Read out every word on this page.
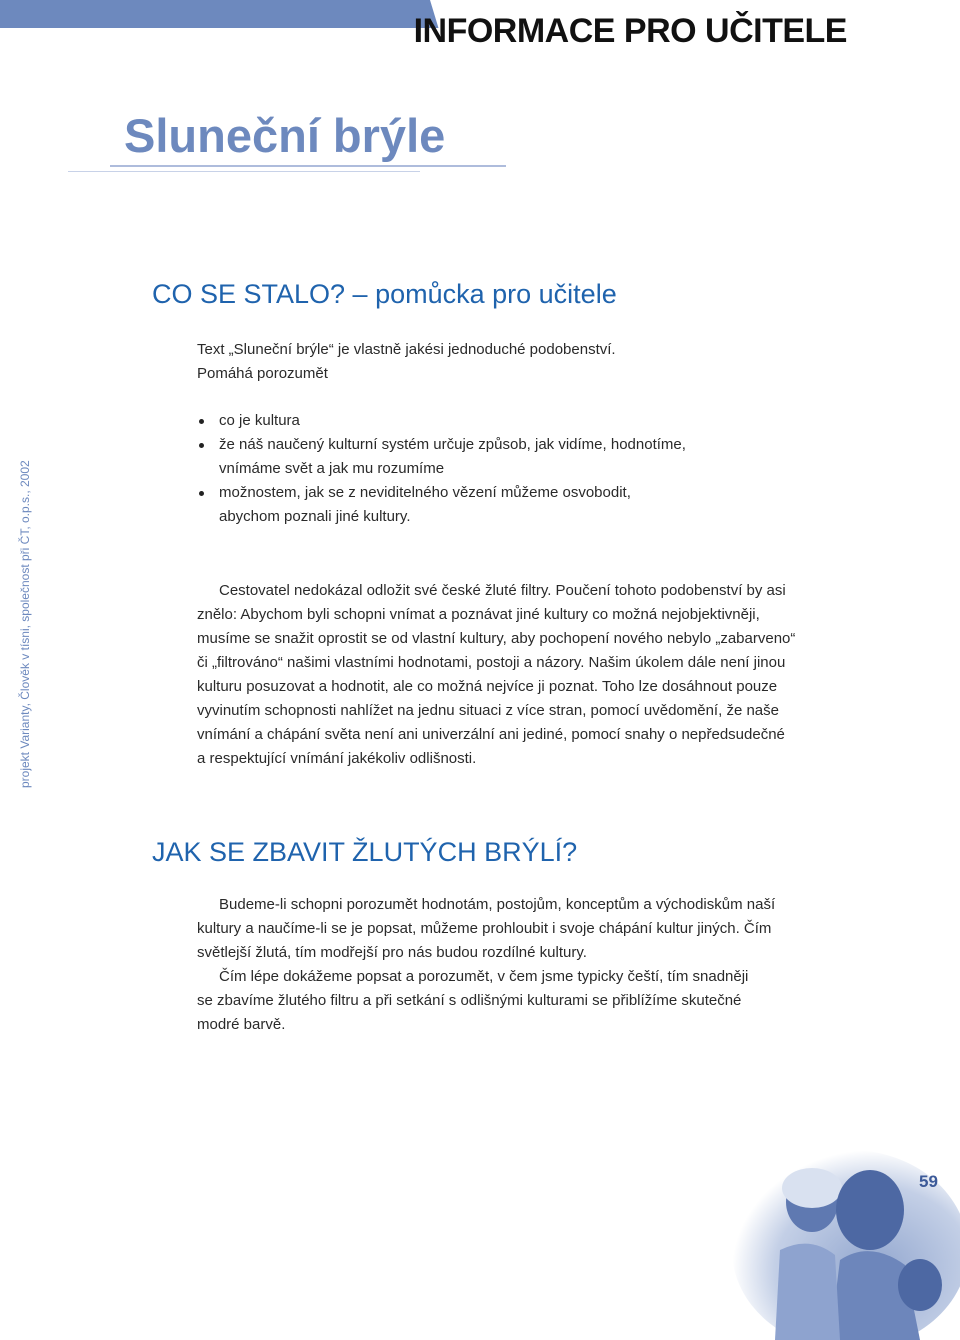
INFORMACE PRO UČITELE
Sluneční brýle
projekt Varianty, Člověk v tísni, společnost při ČT, o.p.s., 2002
CO SE STALO? – pomůcka pro učitele
Text „Sluneční brýle“ je vlastně jakési jednoduché podobenství.
Pomáhá porozumět
co je kultura
že náš naučený kulturní systém určuje způsob, jak vidíme, hodnotíme, vnímáme svět a jak mu rozumíme
možnostem, jak se z neviditelného vězení můžeme osvobodit, abychom poznali jiné kultury.
Cestovatel nedokázal odložit své české žluté filtry. Poučení tohoto podobenství by asi znělo: Abychom byli schopni vnímat a poznávat jiné kultury co možná nejobjektivněji, musíme se snažit oprostit se od vlastní kultury, aby pochopení nového nebylo „zabarveno“ či „filtrováno“ našimi vlastními hodnotami, postoji a názory. Našim úkolem dále není jinou kulturu posuzovat a hodnotit, ale co možná nejvíce ji poznat. Toho lze dosáhnout pouze vyvinutím schopnosti nahlížet na jednu situaci z více stran, pomocí uvědomění, že naše vnímání a chápání světa není ani univerzální ani jediné, pomocí snahy o nepředsudečné a respektující vnímání jakékoliv odlišnosti.
JAK SE ZBAVIT ŽLUTÝCH BRÝLÍ?
Budeme-li schopni porozumět hodnotám, postojům, konceptům a východiskům naší kultury a naučíme-li se je popsat, můžeme prohloubit i svoje chápání kultur jiných. Čím světlejší žlutá, tím modřejší pro nás budou rozdílné kultury.
Čím lépe dokážeme popsat a porozumět, v čem jsme typicky čeští, tím snadněji se zbavíme žlutého filtru a při setkání s odlišnými kulturami se přiblížíme skutečné modré barvě.
59
